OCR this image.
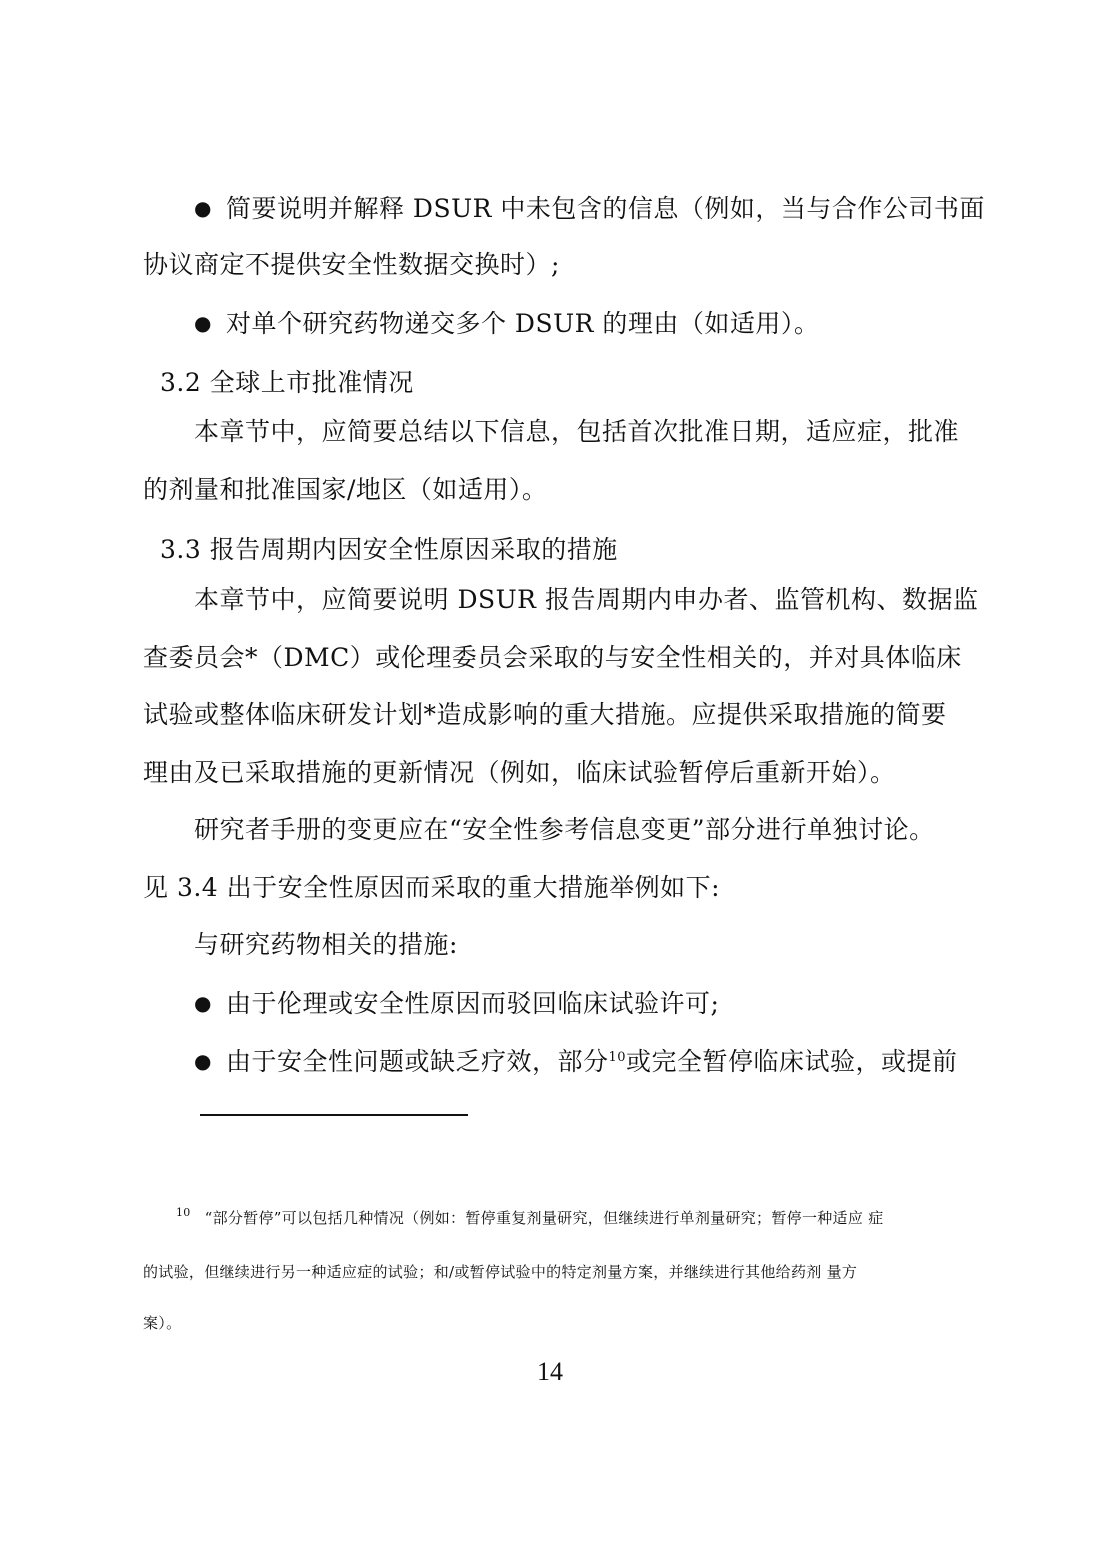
● 简要说明并解释 DSUR 中未包含的信息（例如，当与合作公司书面

协议商定不提供安全性数据交换时）;

● 对单个研究药物递交多个 DSUR 的理由（如适用）。

3.2 全球上市批准情况

本章节中，应简要总结以下信息，包括首次批准日期，适应症，批准

的剂量和批准国家/地区（如适用）。

3.3 报告周期内因安全性原因采取的措施

本章节中，应简要说明 DSUR 报告周期内申办者、监管机构、数据监

查委员会*（DMC）或伦理委员会采取的与安全性相关的，并对具体临床

试验或整体临床研发计划*造成影响的重大措施。应提供采取措施的简要

理由及已采取措施的更新情况（例如，临床试验暂停后重新开始）。

研究者手册的变更应在“安全性参考信息变更”部分进行单独讨论。

见 3.4 出于安全性原因而采取的重大措施举例如下:

与研究药物相关的措施:

● 由于伦理或安全性原因而驳回临床试验许可;

● 由于安全性问题或缺乏疗效，部分$^{10}$或完全暂停临床试验，或提前

$^{10}$ “部分暂停”可以包括几种情况（例如：暂停重复剂量研究，但继续进行单剂量研究；暂停一种适应 症

的试验，但继续进行另一种适应症的试验；和/或暂停试验中的特定剂量方案，并继续进行其他给药剂 量方

案）。

14
